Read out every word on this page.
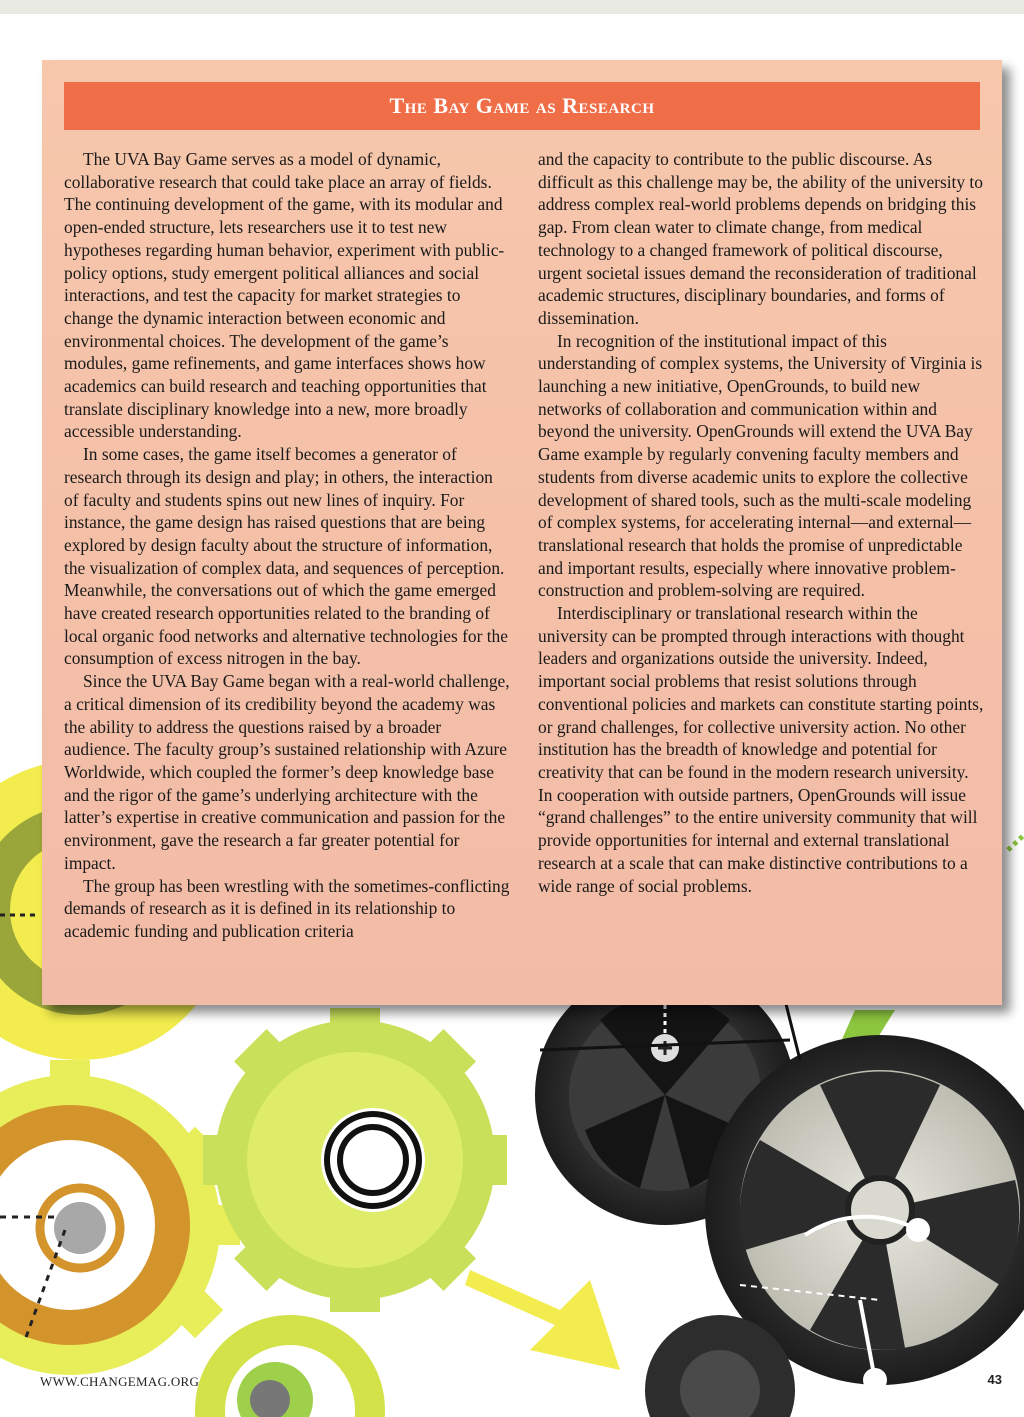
The Bay Game as Research

The UVA Bay Game serves as a model of dynamic, collaborative research that could take place an array of fields. The continuing development of the game, with its modular and open-ended structure, lets researchers use it to test new hypotheses regarding human behavior, experiment with public-policy options, study emergent political alliances and social interactions, and test the capacity for market strategies to change the dynamic interaction between economic and environmental choices. The development of the game’s modules, game refinements, and game interfaces shows how academics can build research and teaching opportunities that translate disciplinary knowledge into a new, more broadly accessible understanding.

In some cases, the game itself becomes a generator of research through its design and play; in others, the interaction of faculty and students spins out new lines of inquiry. For instance, the game design has raised questions that are being explored by design faculty about the structure of information, the visualization of complex data, and sequences of perception. Meanwhile, the conversations out of which the game emerged have created research opportunities related to the branding of local organic food networks and alternative technologies for the consumption of excess nitrogen in the bay.

Since the UVA Bay Game began with a real-world challenge, a critical dimension of its credibility beyond the academy was the ability to address the questions raised by a broader audience. The faculty group’s sustained relationship with Azure Worldwide, which coupled the former’s deep knowledge base and the rigor of the game’s underlying architecture with the latter’s expertise in creative communication and passion for the environment, gave the research a far greater potential for impact.

The group has been wrestling with the sometimes-conflicting demands of research as it is defined in its relationship to academic funding and publication criteria

and the capacity to contribute to the public discourse. As difficult as this challenge may be, the ability of the university to address complex real-world problems depends on bridging this gap. From clean water to climate change, from medical technology to a changed framework of political discourse, urgent societal issues demand the reconsideration of traditional academic structures, disciplinary boundaries, and forms of dissemination.

In recognition of the institutional impact of this understanding of complex systems, the University of Virginia is launching a new initiative, OpenGrounds, to build new networks of collaboration and communication within and beyond the university. OpenGrounds will extend the UVA Bay Game example by regularly convening faculty members and students from diverse academic units to explore the collective development of shared tools, such as the multi-scale modeling of complex systems, for accelerating internal—and external—translational research that holds the promise of unpredictable and important results, especially where innovative problem-construction and problem-solving are required.

Interdisciplinary or translational research within the university can be prompted through interactions with thought leaders and organizations outside the university. Indeed, important social problems that resist solutions through conventional policies and markets can constitute starting points, or grand challenges, for collective university action. No other institution has the breadth of knowledge and potential for creativity that can be found in the modern research university. In cooperation with outside partners, OpenGrounds will issue “grand challenges” to the entire university community that will provide opportunities for internal and external translational research at a scale that can make distinctive contributions to a wide range of social problems.

WWW.CHANGEMAG.ORG	43
